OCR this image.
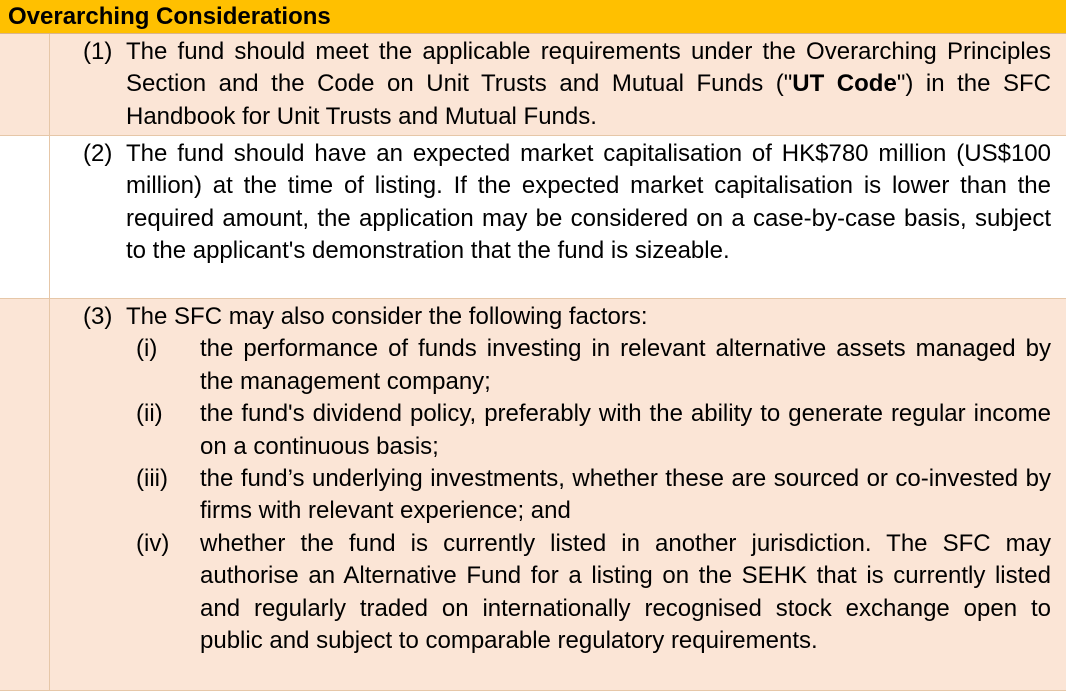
Overarching Considerations
(1) The fund should meet the applicable requirements under the Overarching Principles Section and the Code on Unit Trusts and Mutual Funds ("UT Code") in the SFC Handbook for Unit Trusts and Mutual Funds.
(2) The fund should have an expected market capitalisation of HK$780 million (US$100 million) at the time of listing. If the expected market capitalisation is lower than the required amount, the application may be considered on a case-by-case basis, subject to the applicant's demonstration that the fund is sizeable.
(3) The SFC may also consider the following factors:
(i)	the performance of funds investing in relevant alternative assets managed by the management company;
(ii)	the fund's dividend policy, preferably with the ability to generate regular income on a continuous basis;
(iii)	the fund’s underlying investments, whether these are sourced or co-invested by firms with relevant experience; and
(iv)	whether the fund is currently listed in another jurisdiction. The SFC may authorise an Alternative Fund for a listing on the SEHK that is currently listed and regularly traded on internationally recognised stock exchange open to public and subject to comparable regulatory requirements.
